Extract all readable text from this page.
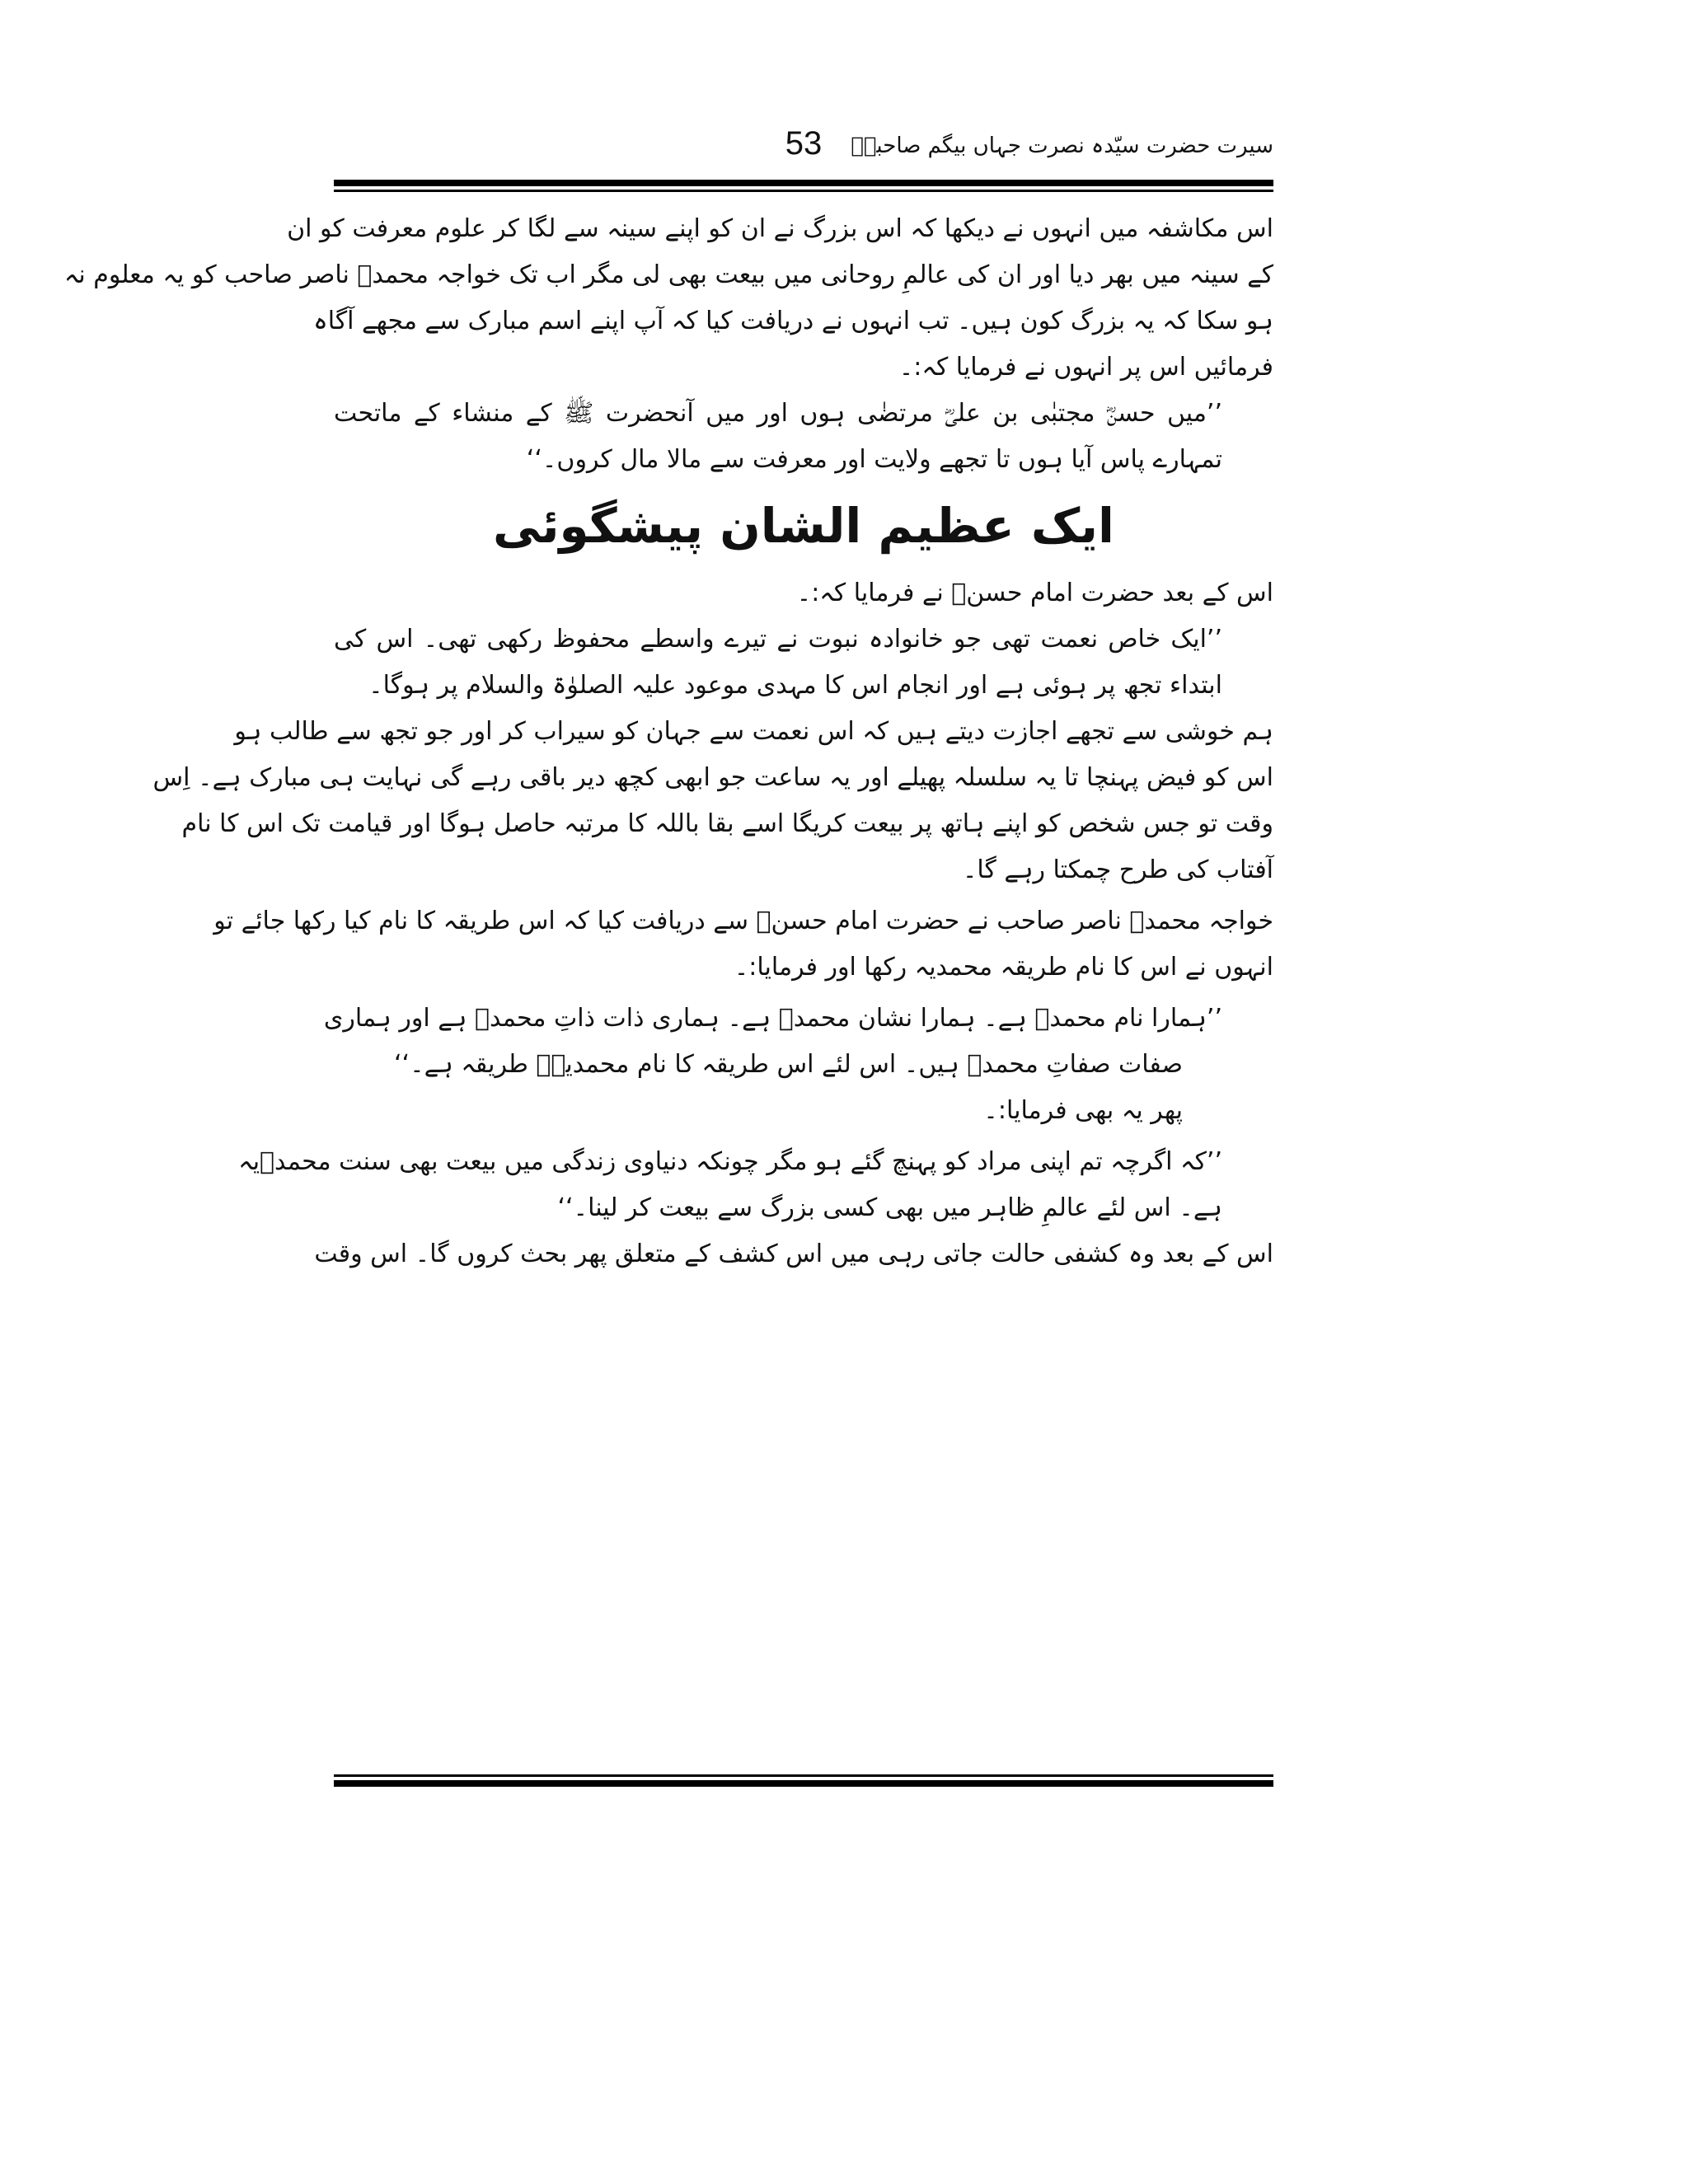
سیرت حضرت سیّدہ نصرت جہاں بیگم صاحبہؓ
53
اس مکاشفہ میں انہوں نے دیکھا کہ اس بزرگ نے ان کو اپنے سینہ سے لگا کر علوم معرفت کو ان
کے سینہ میں بھر دیا اور ان کی عالمِ روحانی میں بیعت بھی لی مگر اب تک خواجہ محمدؒ ناصر صاحب کو یہ معلوم نہ
ہو سکا کہ یہ بزرگ کون ہیں۔ تب انہوں نے دریافت کیا کہ آپ اپنے اسم مبارک سے مجھے آگاہ
فرمائیں اس پر انہوں نے فرمایا کہ:۔
’’میں حسنؓ مجتبٰی بن علیؓ مرتضٰی ہوں اور میں آنحضرت ﷺ کے منشاء کے ماتحت
تمہارے پاس آیا ہوں تا تجھے ولایت اور معرفت سے مالا مال کروں۔‘‘
ایک عظیم الشان پیشگوئی
اس کے بعد حضرت امام حسنؓ نے فرمایا کہ:۔
’’ایک خاص نعمت تھی جو خانوادہ نبوت نے تیرے واسطے محفوظ رکھی تھی۔ اس کی
ابتداء تجھ پر ہوئی ہے اور انجام اس کا مہدی موعود علیہ الصلوٰۃ والسلام پر ہوگا۔
ہم خوشی سے تجھے اجازت دیتے ہیں کہ اس نعمت سے جہان کو سیراب کر اور جو تجھ سے طالب ہو
اس کو فیض پہنچا تا یہ سلسلہ پھیلے اور یہ ساعت جو ابھی کچھ دیر باقی رہے گی نہایت ہی مبارک ہے۔ اِس
وقت تو جس شخص کو اپنے ہاتھ پر بیعت کریگا اسے بقا باللہ کا مرتبہ حاصل ہوگا اور قیامت تک اس کا نام
آفتاب کی طرح چمکتا رہے گا۔
خواجہ محمدؒ ناصر صاحب نے حضرت امام حسنؓ سے دریافت کیا کہ اس طریقہ کا نام کیا رکھا جائے تو
انہوں نے اس کا نام طریقہ محمدیہ رکھا اور فرمایا:۔
’’ہمارا نام محمدؐ ہے۔ ہمارا نشان محمدؐ ہے۔ ہماری ذات ذاتِ محمدؐ ہے اور ہماری
صفات صفاتِ محمدؐ ہیں۔ اس لئے اس طریقہ کا نام محمدیہؐ طریقہ ہے۔‘‘
پھر یہ بھی فرمایا:۔
’’کہ اگرچہ تم اپنی مراد کو پہنچ گئے ہو مگر چونکہ دنیاوی زندگی میں بیعت بھی سنت محمدؐیہ
ہے۔ اس لئے عالمِ ظاہر میں بھی کسی بزرگ سے بیعت کر لینا۔‘‘
اس کے بعد وہ کشفی حالت جاتی رہی میں اس کشف کے متعلق پھر بحث کروں گا۔ اس وقت
